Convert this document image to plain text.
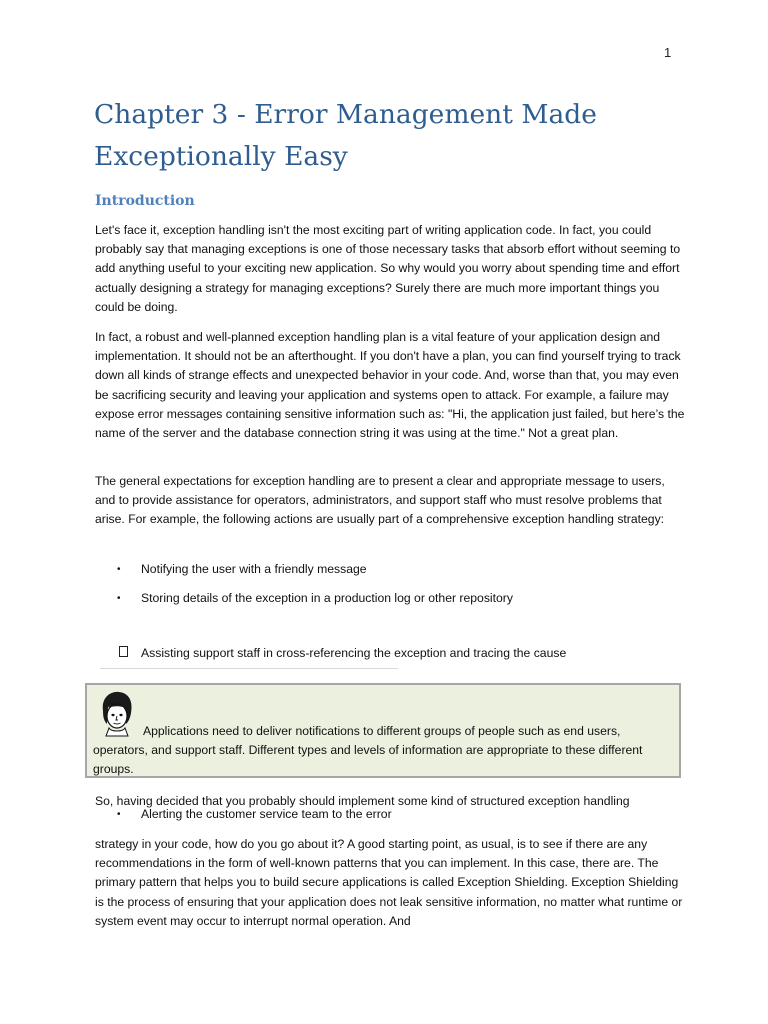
1
Chapter 3 - Error Management Made
Exceptionally Easy
Introduction

Let's face it, exception handling isn't the most exciting part of writing application code. In fact, you could probably say that managing exceptions is one of those necessary tasks that absorb effort without seeming to add anything useful to your exciting new application. So why would you worry about spending time and effort actually designing a strategy for managing exceptions? Surely there are much more important things you could be doing.

In fact, a robust and well-planned exception handling plan is a vital feature of your application design and implementation. It should not be an afterthought. If you don't have a plan, you can find yourself trying to track down all kinds of strange effects and unexpected behavior in your code. And, worse than that, you may even be sacrificing security and leaving your application and systems open to attack. For example, a failure may expose error messages containing sensitive information such as: "Hi, the application just failed, but here’s the name of the server and the database connection string it was using at the time." Not a great plan.

The general expectations for exception handling are to present a clear and appropriate message to users, and to provide assistance for operators, administrators, and support staff who must resolve problems that arise. For example, the following actions are usually part of a comprehensive exception handling strategy:

• Notifying the user with a friendly message
• Storing details of the exception in a production log or other repository
Assisting support staff in cross-referencing the exception and tracing the cause

Applications need to deliver notifications to different groups of people such as end users, operators, and support staff. Different types and levels of information are appropriate to these different groups.

So, having decided that you probably should implement some kind of structured exception handling

• Alerting the customer service team to the error

strategy in your code, how do you go about it? A good starting point, as usual, is to see if there are any recommendations in the form of well-known patterns that you can implement. In this case, there are. The primary pattern that helps you to build secure applications is called Exception Shielding. Exception Shielding is the process of ensuring that your application does not leak sensitive information, no matter what runtime or system event may occur to interrupt normal operation. And
